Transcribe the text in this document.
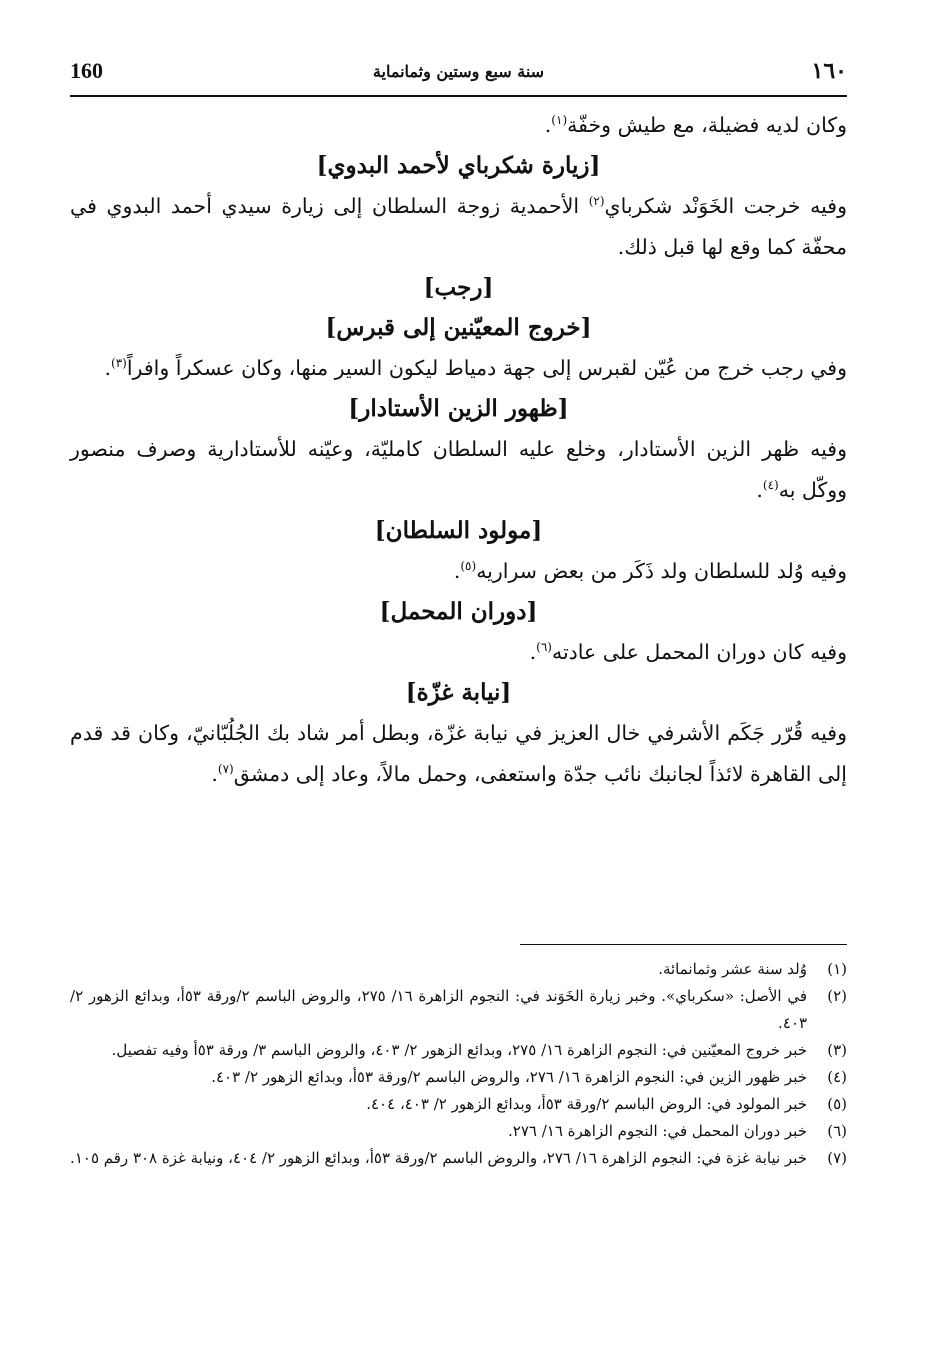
160	سنة سبع وستين وثمانماية	١٦٠

وكان لديه فضيلة، مع طيش وخفّة$^{(١)}$.

[زيارة شكرباي لأحمد البدوي]

وفيه خرجت الخَوَنْد شكرباي$^{(٢)}$ الأحمدية زوجة السلطان إلى زيارة سيدي أحمد البدوي في محفّة كما وقع لها قبل ذلك.

[رجب]
[خروج المعيّنين إلى قبرس]

وفي رجب خرج من عُيّن لقبرس إلى جهة دمياط ليكون السير منها، وكان عسكراً وافراً$^{(٣)}$.

[ظهور الزين الأستادار]

وفيه ظهر الزين الأستادار، وخلع عليه السلطان كامليّة، وعيّنه للأستادارية وصرف منصور ووكّل به$^{(٤)}$.

[مولود السلطان]

وفيه وُلد للسلطان ولد ذَكَر من بعض سراريه$^{(٥)}$.

[دوران المحمل]

وفيه كان دوران المحمل على عادته$^{(٦)}$.

[نيابة غزّة]

وفيه قُرّر جَكَم الأشرفي خال العزيز في نيابة غزّة، وبطل أمر شاد بك الجُلُبّانيّ، وكان قد قدم إلى القاهرة لائذاً لجانبك نائب جدّة واستعفى، وحمل مالاً، وعاد إلى دمشق$^{(٧)}$.

(١)
وُلد سنة عشر وثمانمائة.
(٢)
في الأصل: «سكرباي». وخبر زيارة الخَوَند في: النجوم الزاهرة ١٦/ ٢٧٥، والروض الباسم ٢/ورقة ٥٣أ، وبدائع الزهور ٢/ ٤٠٣.
(٣)
خبر خروج المعيّنين في: النجوم الزاهرة ١٦/ ٢٧٥، وبدائع الزهور ٢/ ٤٠٣، والروض الباسم ٣/ ورقة ٥٣أ وفيه تفصيل.
(٤)
خبر ظهور الزين في: النجوم الزاهرة ١٦/ ٢٧٦، والروض الباسم ٢/ورقة ٥٣أ، وبدائع الزهور ٢/ ٤٠٣.
(٥)
خبر المولود في: الروض الباسم ٢/ورقة ٥٣أ، وبدائع الزهور ٢/ ٤٠٣، ٤٠٤.
(٦)
خبر دوران المحمل في: النجوم الزاهرة ١٦/ ٢٧٦.
(٧)
خبر نيابة غزة في: النجوم الزاهرة ١٦/ ٢٧٦، والروض الباسم ٢/ورقة ٥٣أ، وبدائع الزهور ٢/ ٤٠٤، ونيابة غزة ٣٠٨ رقم ١٠٥.
